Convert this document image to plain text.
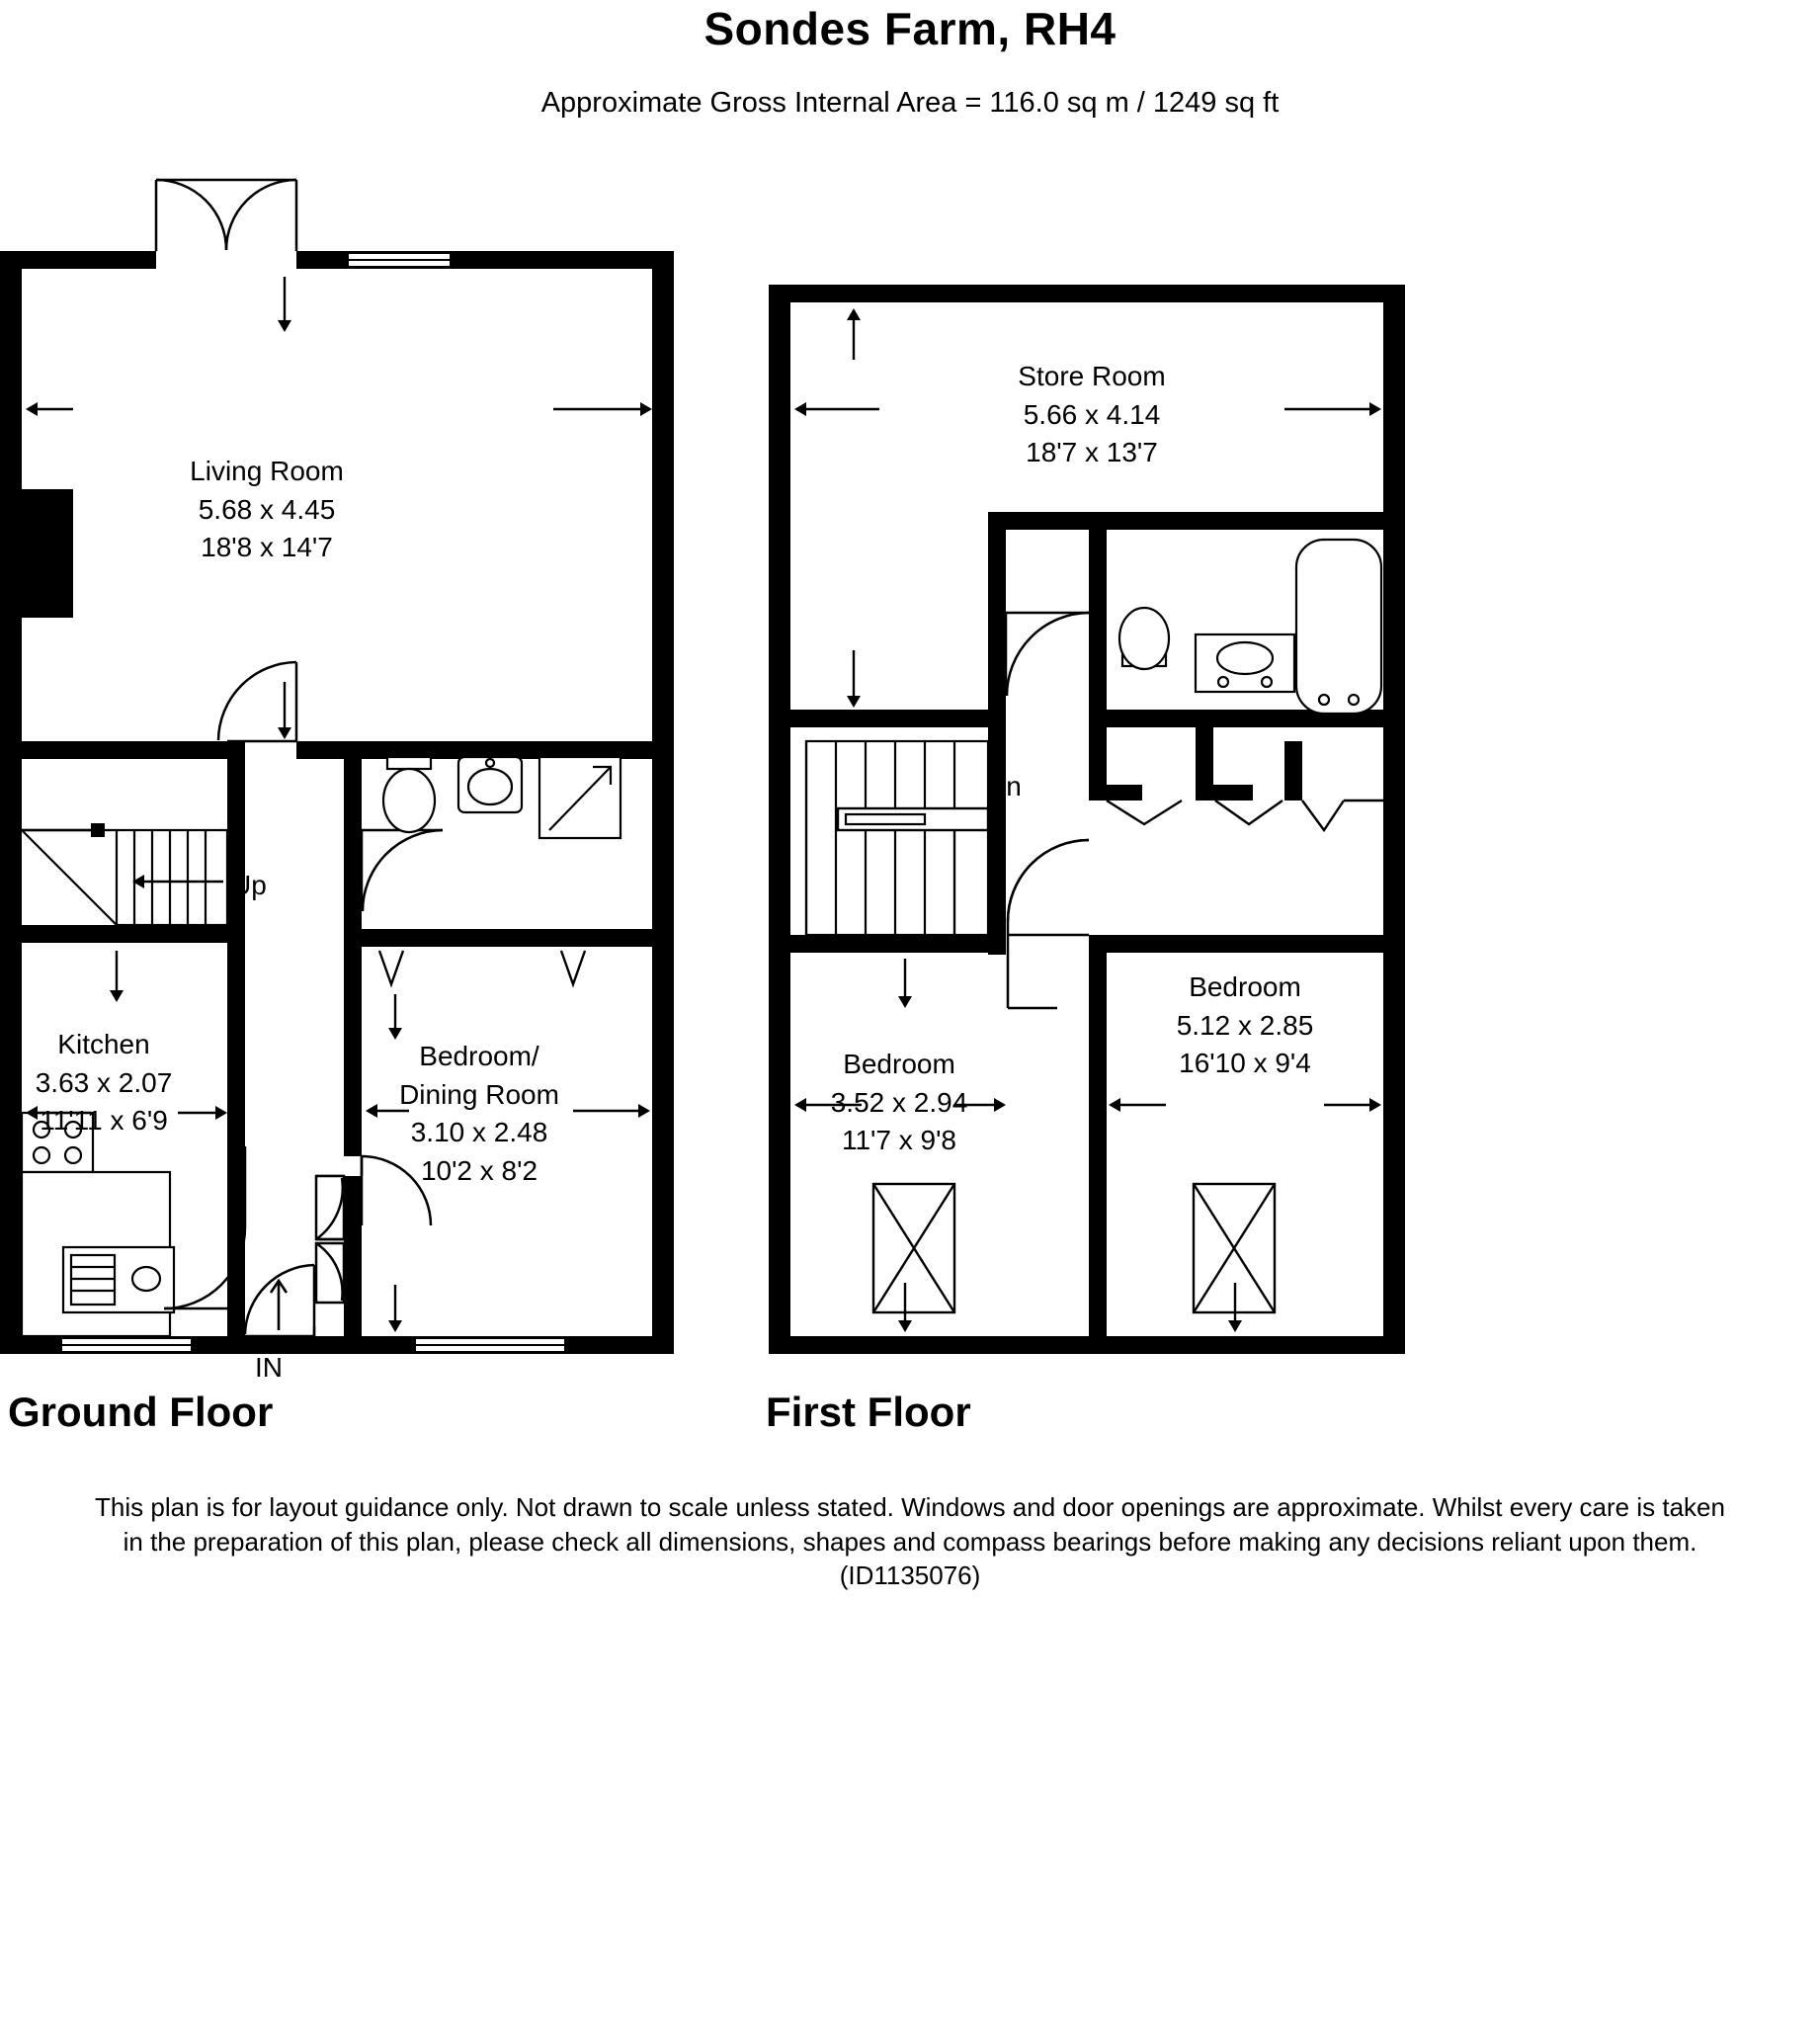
Sondes Farm, RH4
Approximate Gross Internal Area = 116.0 sq m / 1249 sq ft
Living Room
5.68 x 4.45
18'8 x 14'7
Kitchen
3.63 x 2.07
11'11 x 6'9
Bedroom/
Dining Room
3.10 x 2.48
10'2 x 8'2
Up
IN
Store Room
5.66 x 4.14
18'7 x 13'7
Bedroom
3.52 x 2.94
11'7 x 9'8
Bedroom
5.12 x 2.85
16'10 x 9'4
Dn
Ground Floor	First Floor
This plan is for layout guidance only. Not drawn to scale unless stated. Windows and door openings are approximate. Whilst every care is taken in the preparation of this plan, please check all dimensions, shapes and compass bearings before making any decisions reliant upon them. (ID1135076)
